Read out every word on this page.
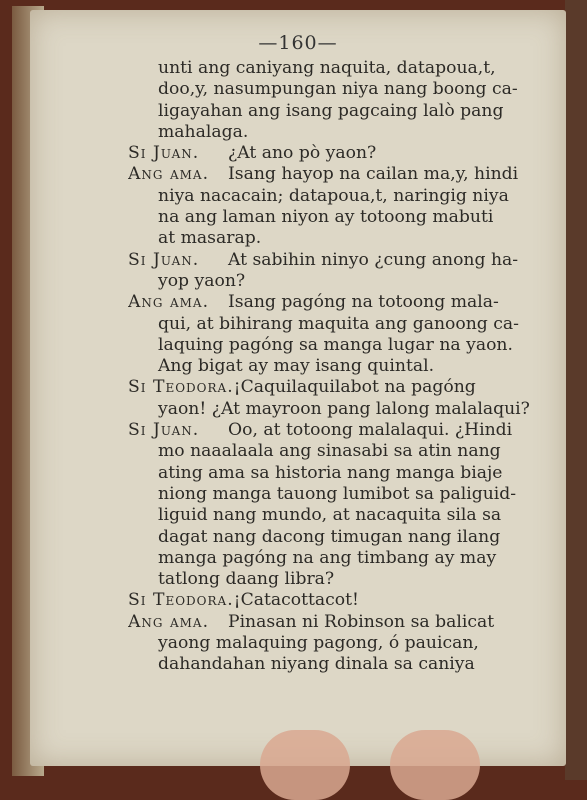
—160—
unti ang caniyang naquita, datapoua,t,
doo,y, nasumpungan niya nang boong ca-
ligayahan ang isang pagcaing lalò pang
mahalaga.
Si Juan. ¿At ano pò yaon?
Ang ama. Isang hayop na cailan ma,y, hindi
niya nacacain; datapoua,t, naringig niya
na ang laman niyon ay totoong mabuti
at masarap.
Si Juan. At sabihin ninyo ¿cung anong ha-
yop yaon?
Ang ama. Isang pagóng na totoong mala-
qui, at bihirang maquita ang ganoong ca-
laquing pagóng sa manga lugar na yaon.
Ang bigat ay may isang quintal.
Si Teodora.¡Caquilaquilabot na pagóng
yaon! ¿At mayroon pang lalong malalaqui?
Si Juan. Oo, at totoong malalaqui. ¿Hindi
mo naaalaala ang sinasabi sa atin nang
ating ama sa historia nang manga biaje
niong manga tauong lumibot sa paliguid-
liguid nang mundo, at nacaquita sila sa
dagat nang dacong timugan nang ilang
manga pagóng na ang timbang ay may
tatlong daang libra?
Si Teodora.¡Catacottacot!
Ang ama. Pinasan ni Robinson sa balicat
yaong malaquing pagong, ó pauican,
dahandahan niyang dinala sa caniya
